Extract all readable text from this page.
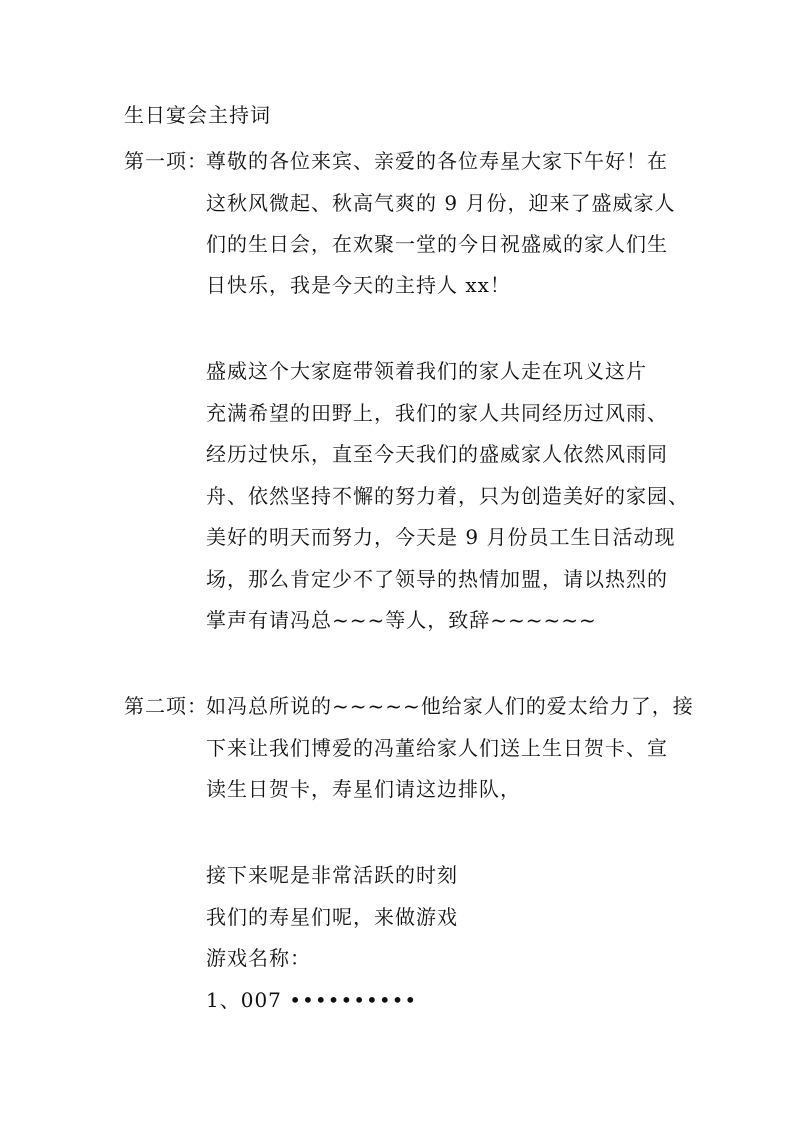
生日宴会主持词
第一项：
尊敬的各位来宾、亲爱的各位寿星大家下午好！在
这秋风微起、秋高气爽的 9 月份，迎来了盛威家人
们的生日会，在欢聚一堂的今日祝盛威的家人们生
日快乐，我是今天的主持人 xx！
盛威这个大家庭带领着我们的家人走在巩义这片
充满希望的田野上，我们的家人共同经历过风雨、
经历过快乐，直至今天我们的盛威家人依然风雨同
舟、依然坚持不懈的努力着，只为创造美好的家园、
美好的明天而努力，今天是 9 月份员工生日活动现
场，那么肯定少不了领导的热情加盟，请以热烈的
掌声有请冯总~~~等人，致辞~~~~~~
第二项：
如冯总所说的~~~~~他给家人们的爱太给力了，接
下来让我们博爱的冯董给家人们送上生日贺卡、宣
读生日贺卡，寿星们请这边排队，
接下来呢是非常活跃的时刻
我们的寿星们呢，来做游戏
游戏名称：
1、007 ••••••••••
